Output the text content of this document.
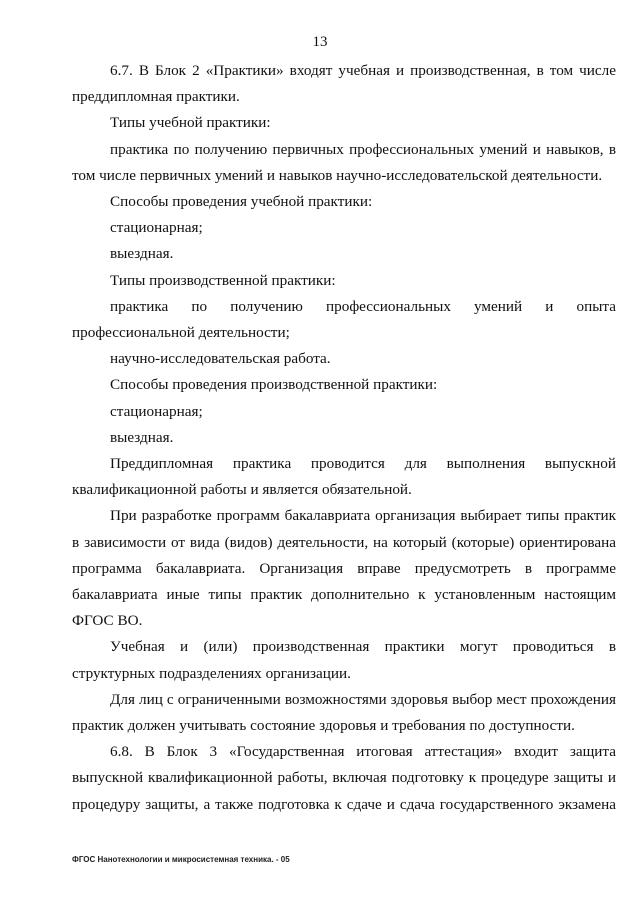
13

6.7. В Блок 2 «Практики» входят учебная и производственная, в том числе преддипломная практики.

Типы учебной практики:

практика по получению первичных профессиональных умений и навыков, в том числе первичных умений и навыков научно-исследовательской деятельности.

Способы проведения учебной практики:

стационарная;

выездная.

Типы производственной практики:

практика по получению профессиональных умений и опыта профессиональной деятельности;

научно-исследовательская работа.

Способы проведения производственной практики:

стационарная;

выездная.

Преддипломная практика проводится для выполнения выпускной квалификационной работы и является обязательной.

При разработке программ бакалавриата организация выбирает типы практик в зависимости от вида (видов) деятельности, на который (которые) ориентирована программа бакалавриата. Организация вправе предусмотреть в программе бакалавриата иные типы практик дополнительно к установленным настоящим ФГОС ВО.

Учебная и (или) производственная практики могут проводиться в структурных подразделениях организации.

Для лиц с ограниченными возможностями здоровья выбор мест прохождения практик должен учитывать состояние здоровья и требования по доступности.

6.8. В Блок 3 «Государственная итоговая аттестация» входит защита выпускной квалификационной работы, включая подготовку к процедуре защиты и процедуру защиты, а также подготовка к сдаче и сдача государственного экзамена

ФГОС Нанотехнологии и микросистемная техника. - 05
